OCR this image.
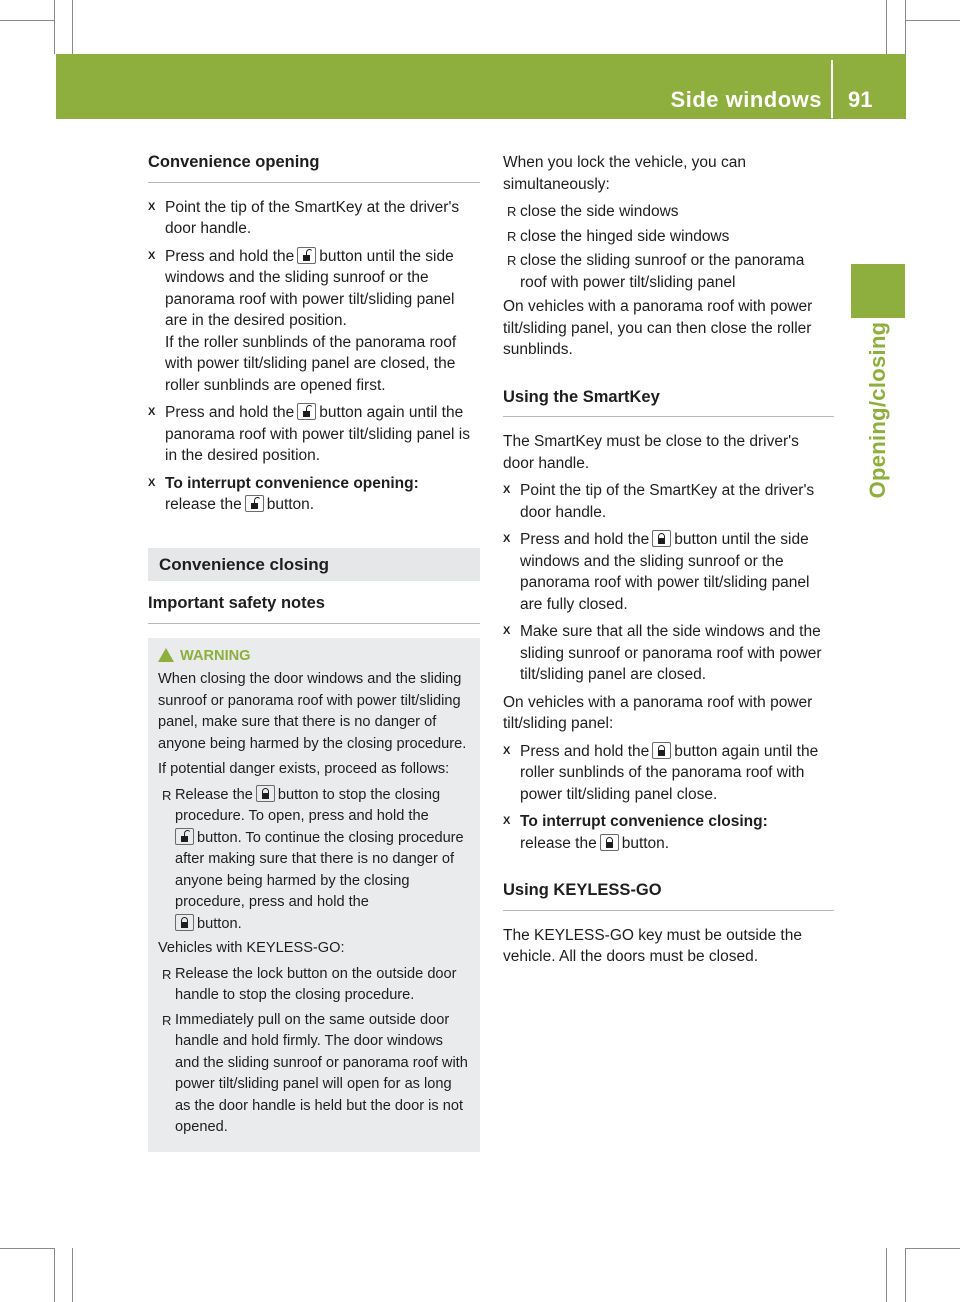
Side windows 91
Opening/closing
Convenience opening
X Point the tip of the SmartKey at the driver's door handle.
X Press and hold the button until the side windows and the sliding sunroof or the panorama roof with power tilt/sliding panel are in the desired position.
If the roller sunblinds of the panorama roof with power tilt/sliding panel are closed, the roller sunblinds are opened first.
X Press and hold the button again until the panorama roof with power tilt/sliding panel is in the desired position.
X To interrupt convenience opening:
release the button.
Convenience closing
Important safety notes
WARNING

When closing the door windows and the sliding sunroof or panorama roof with power tilt/sliding panel, make sure that there is no danger of anyone being harmed by the closing procedure.

If potential danger exists, proceed as follows:

R Release the button to stop the closing procedure. To open, press and hold the

button. To continue the closing procedure after making sure that there is no danger of anyone being harmed by the closing procedure, press and hold the

button.

Vehicles with KEYLESS-GO:

R Release the lock button on the outside door handle to stop the closing procedure.
R Immediately pull on the same outside door handle and hold firmly. The door windows and the sliding sunroof or panorama roof with power tilt/sliding panel will open for as long as the door handle is held but the door is not opened.

When you lock the vehicle, you can simultaneously:

R close the side windows
R close the hinged side windows
R close the sliding sunroof or the panorama roof with power tilt/sliding panel

On vehicles with a panorama roof with power tilt/sliding panel, you can then close the roller sunblinds.

Using the SmartKey

The SmartKey must be close to the driver's door handle.

X Point the tip of the SmartKey at the driver's door handle.
X Press and hold the button until the side windows and the sliding sunroof or the panorama roof with power tilt/sliding panel are fully closed.
X Make sure that all the side windows and the sliding sunroof or panorama roof with power tilt/sliding panel are closed.

On vehicles with a panorama roof with power tilt/sliding panel:

X Press and hold the button again until the roller sunblinds of the panorama roof with power tilt/sliding panel close.
X To interrupt convenience closing:
release the button.
Using KEYLESS-GO

The KEYLESS-GO key must be outside the vehicle. All the doors must be closed.
